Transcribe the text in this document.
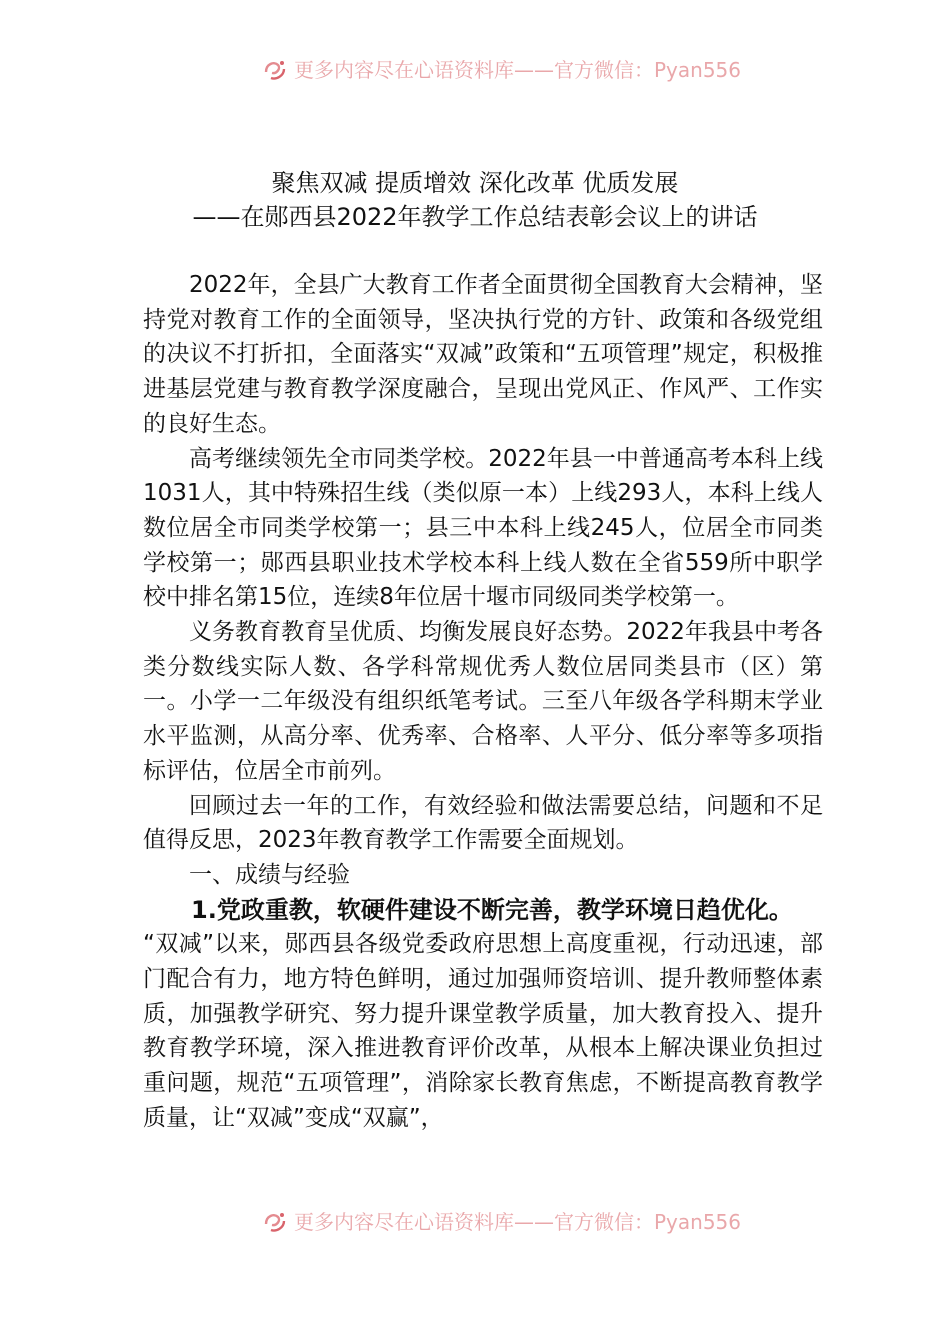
更多内容尽在心语资料库——官方微信：Pyan556
聚焦双减 提质增效 深化改革 优质发展
——在郧西县2022年教学工作总结表彰会议上的讲话

2022年，全县广大教育工作者全面贯彻全国教育大会精神，坚持党对教育工作的全面领导，坚决执行党的方针、政策和各级党组的决议不打折扣，全面落实“双减”政策和“五项管理”规定，积极推进基层党建与教育教学深度融合，呈现出党风正、作风严、工作实的良好生态。

高考继续领先全市同类学校。2022年县一中普通高考本科上线1031人，其中特殊招生线（类似原一本）上线293人，本科上线人数位居全市同类学校第一；县三中本科上线245人，位居全市同类学校第一；郧西县职业技术学校本科上线人数在全省559所中职学校中排名第15位，连续8年位居十堰市同级同类学校第一。

义务教育教育呈优质、均衡发展良好态势。2022年我县中考各类分数线实际人数、各学科常规优秀人数位居同类县市（区）第一。小学一二年级没有组织纸笔考试。三至八年级各学科期末学业水平监测，从高分率、优秀率、合格率、人平分、低分率等多项指标评估，位居全市前列。

回顾过去一年的工作，有效经验和做法需要总结，问题和不足值得反思，2023年教育教学工作需要全面规划。

一、成绩与经验

1.党政重教，软硬件建设不断完善，教学环境日趋优化。

“双减”以来，郧西县各级党委政府思想上高度重视，行动迅速，部门配合有力，地方特色鲜明，通过加强师资培训、提升教师整体素质，加强教学研究、努力提升课堂教学质量，加大教育投入、提升教育教学环境，深入推进教育评价改革，从根本上解决课业负担过重问题，规范“五项管理”，消除家长教育焦虑，不断提高教育教学质量，让“双减”变成“双赢”，

更多内容尽在心语资料库——官方微信：Pyan556
